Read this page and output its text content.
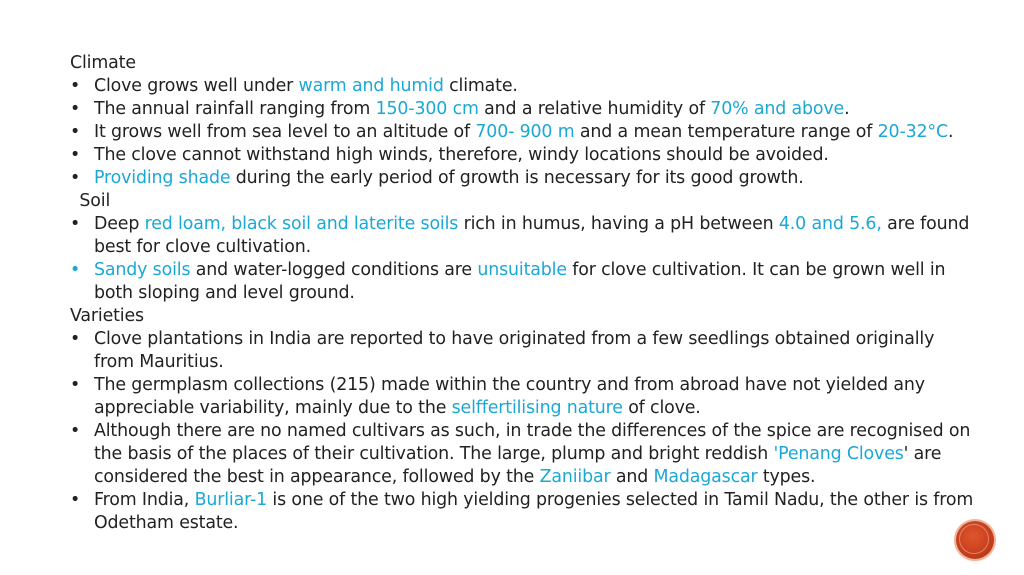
Climate

• Clove grows well under warm and humid climate.
• The annual rainfall ranging from 150-300 cm and a relative humidity of 70% and above.
• It grows well from sea level to an altitude of 700- 900 m and a mean temperature range of 20-32°C.
• The clove cannot withstand high winds, therefore, windy locations should be avoided.
• Providing shade during the early period of growth is necessary for its good growth.

Soil

• Deep red loam, black soil and laterite soils rich in humus, having a pH between 4.0 and 5.6, are found best for clove cultivation.
• Sandy soils and water-logged conditions are unsuitable for clove cultivation. It can be grown well in both sloping and level ground.

Varieties

• Clove plantations in India are reported to have originated from a few seedlings obtained originally from Mauritius.
• The germplasm collections (215) made within the country and from abroad have not yielded any appreciable variability, mainly due to the selffertilising nature of clove.
• Although there are no named cultivars as such, in trade the differences of the spice are recognised on the basis of the places of their cultivation. The large, plump and bright reddish 'Penang Cloves' are considered the best in appearance, followed by the Zaniibar and Madagascar types.
• From India, Burliar-1 is one of the two high yielding progenies selected in Tamil Nadu, the other is from Odetham estate.
